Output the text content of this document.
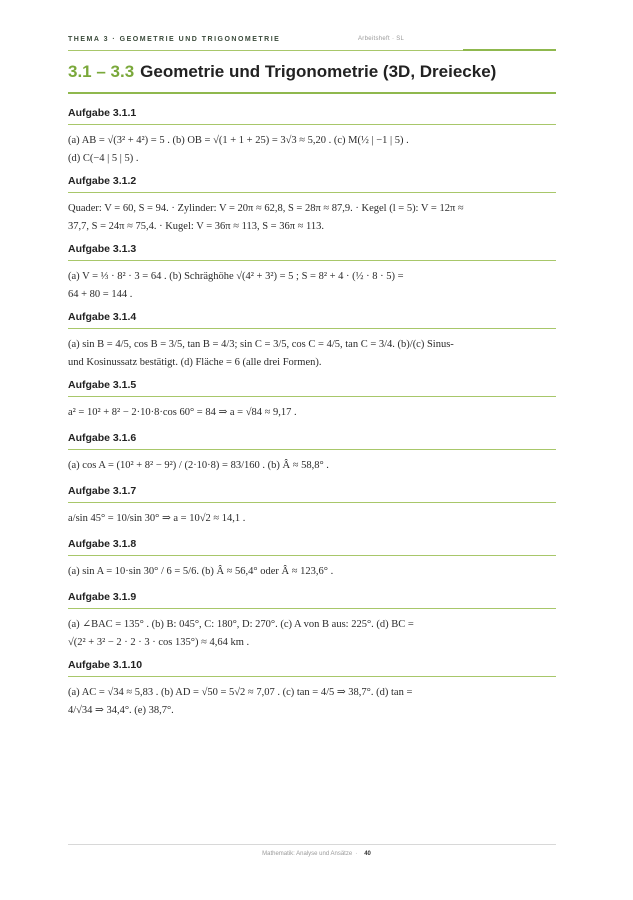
THEMA 3 · GEOMETRIE UND TRIGONOMETRIE	Arbeitsheft · SL
3.1 – 3.3 Geometrie und Trigonometrie (3D, Dreiecke)
Aufgabe 3.1.1
(a) AB = √(3² + 4²) = 5 . (b) OB = √(1 + 1 + 25) = 3√3 ≈ 5,20 . (c) M(½ | −1 | 5) .
(d) C(−4 | 5 | 5) .
Aufgabe 3.1.2
Quader: V = 60, S = 94. · Zylinder: V = 20π ≈ 62,8, S = 28π ≈ 87,9. · Kegel (l = 5): V = 12π ≈
37,7, S = 24π ≈ 75,4. · Kugel: V = 36π ≈ 113, S = 36π ≈ 113.
Aufgabe 3.1.3
(a) V = ⅓ · 8² · 3 = 64 . (b) Schräghöhe √(4² + 3²) = 5 ; S = 8² + 4 · (½ · 8 · 5) =
64 + 80 = 144 .
Aufgabe 3.1.4
(a) sin B = 4/5, cos B = 3/5, tan B = 4/3; sin C = 3/5, cos C = 4/5, tan C = 3/4. (b)/(c) Sinus-
und Kosinussatz bestätigt. (d) Fläche = 6 (alle drei Formen).
Aufgabe 3.1.5
a² = 10² + 8² − 2·10·8·cos 60° = 84 ⇒ a = √84 ≈ 9,17 .
Aufgabe 3.1.6
(a) cos A = (10² + 8² − 9²) / (2·10·8) = 83/160 . (b) Â ≈ 58,8° .
Aufgabe 3.1.7
a/sin 45° = 10/sin 30° ⇒ a = 10√2 ≈ 14,1 .
Aufgabe 3.1.8
(a) sin A = 10·sin 30° / 6 = 5/6. (b) Â ≈ 56,4° oder Â ≈ 123,6° .
Aufgabe 3.1.9
(a) ∠BAC = 135° . (b) B: 045°, C: 180°, D: 270°. (c) A von B aus: 225°. (d) BC =
√(2² + 3² − 2 · 2 · 3 · cos 135°) ≈ 4,64 km .
Aufgabe 3.1.10
(a) AC = √34 ≈ 5,83 . (b) AD = √50 = 5√2 ≈ 7,07 . (c) tan = 4/5 ⇒ 38,7°. (d) tan =
4/√34 ⇒ 34,4°. (e) 38,7°.
Mathematik: Analyse und Ansätze · 40
